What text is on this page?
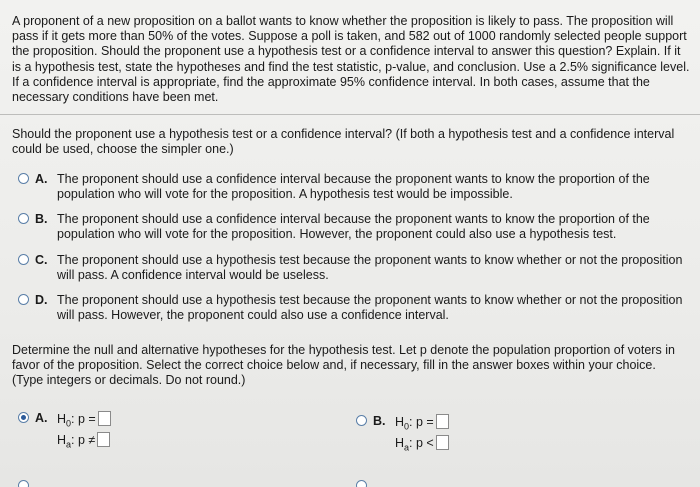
A proponent of a new proposition on a ballot wants to know whether the proposition is likely to pass. The proposition will pass if it gets more than 50% of the votes. Suppose a poll is taken, and 582 out of 1000 randomly selected people support the proposition. Should the proponent use a hypothesis test or a confidence interval to answer this question? Explain. If it is a hypothesis test, state the hypotheses and find the test statistic, p-value, and conclusion. Use a 2.5% significance level. If a confidence interval is appropriate, find the approximate 95% confidence interval. In both cases, assume that the necessary conditions have been met.
Should the proponent use a hypothesis test or a confidence interval? (If both a hypothesis test and a confidence interval could be used, choose the simpler one.)
A. The proponent should use a confidence interval because the proponent wants to know the proportion of the population who will vote for the proposition. A hypothesis test would be impossible.
B. The proponent should use a confidence interval because the proponent wants to know the proportion of the population who will vote for the proposition. However, the proponent could also use a hypothesis test.
C. The proponent should use a hypothesis test because the proponent wants to know whether or not the proposition will pass. A confidence interval would be useless.
D. The proponent should use a hypothesis test because the proponent wants to know whether or not the proposition will pass. However, the proponent could also use a confidence interval.
Determine the null and alternative hypotheses for the hypothesis test. Let p denote the population proportion of voters in favor of the proposition. Select the correct choice below and, if necessary, fill in the answer boxes within your choice.
(Type integers or decimals. Do not round.)
A. $H_0$: p =
$H_a$: p ≠
B. $H_0$: p =
$H_a$: p <
